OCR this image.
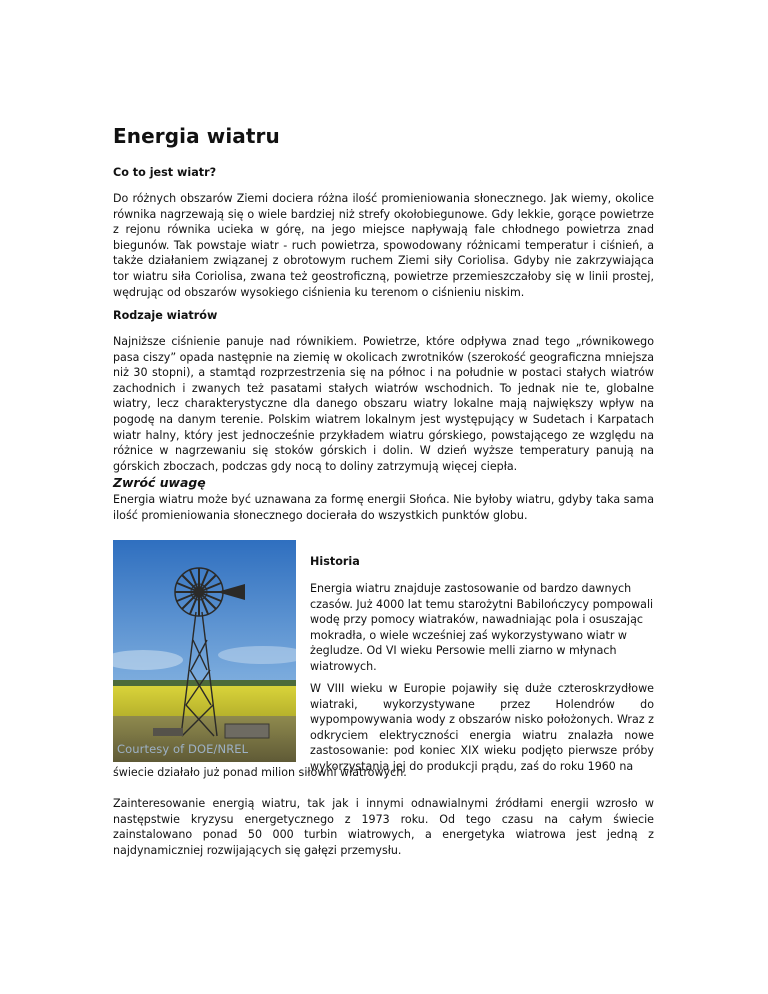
Energia wiatru
Co to jest wiatr?

Do różnych obszarów Ziemi dociera różna ilość promieniowania słonecznego. Jak wiemy, okolice równika nagrzewają się o wiele bardziej niż strefy okołobiegunowe. Gdy lekkie, gorące powietrze z rejonu równika ucieka w górę, na jego miejsce napływają fale chłodnego powietrza znad biegunów. Tak powstaje wiatr - ruch powietrza, spowodowany różnicami temperatur i ciśnień, a także działaniem związanej z obrotowym ruchem Ziemi siły Coriolisa. Gdyby nie zakrzywiająca tor wiatru siła Coriolisa, zwana też geostroficzną, powietrze przemieszczałoby się w linii prostej, wędrując od obszarów wysokiego ciśnienia ku terenom o ciśnieniu niskim.

Rodzaje wiatrów

Najniższe ciśnienie panuje nad równikiem. Powietrze, które odpływa znad tego „równikowego pasa ciszy” opada następnie na ziemię w okolicach zwrotników (szerokość geograficzna mniejsza niż 30 stopni), a stamtąd rozprzestrzenia się na północ i na południe w postaci stałych wiatrów zachodnich i zwanych też pasatami stałych wiatrów wschodnich. To jednak nie te, globalne wiatry, lecz charakterystyczne dla danego obszaru wiatry lokalne mają największy wpływ na pogodę na danym terenie. Polskim wiatrem lokalnym jest występujący w Sudetach i Karpatach wiatr halny, który jest jednocześnie przykładem wiatru górskiego, powstającego ze względu na różnice w nagrzewaniu się stoków górskich i dolin. W dzień wyższe temperatury panują na górskich zboczach, podczas gdy nocą to doliny zatrzymują więcej ciepła.

Zwróć uwagę

Energia wiatru może być uznawana za formę energii Słońca. Nie byłoby wiatru, gdyby taka sama ilość promieniowania słonecznego docierała do wszystkich punktów globu.

Courtesy of DOE/NREL
Historia

Energia wiatru znajduje zastosowanie od bardzo dawnych czasów. Już 4000 lat temu starożytni Babilończycy pompowali wodę przy pomocy wiatraków, nawadniając pola i osuszając mokradła, o wiele wcześniej zaś wykorzystywano wiatr w żegludze. Od VI wieku Persowie melli ziarno w młynach wiatrowych.

W VIII wieku w Europie pojawiły się duże czteroskrzydłowe wiatraki, wykorzystywane przez Holendrów do wypompowywania wody z obszarów nisko położonych. Wraz z odkryciem elektryczności energia wiatru znalazła nowe zastosowanie: pod koniec XIX wieku podjęto pierwsze próby wykorzystania jej do produkcji prądu, zaś do roku 1960 na

świecie działało już ponad milion siłowni wiatrowych.

Zainteresowanie energią wiatru, tak jak i innymi odnawialnymi źródłami energii wzrosło w następstwie kryzysu energetycznego z 1973 roku. Od tego czasu na całym świecie zainstalowano ponad 50 000 turbin wiatrowych, a energetyka wiatrowa jest jedną z najdynamiczniej rozwijających się gałęzi przemysłu.
